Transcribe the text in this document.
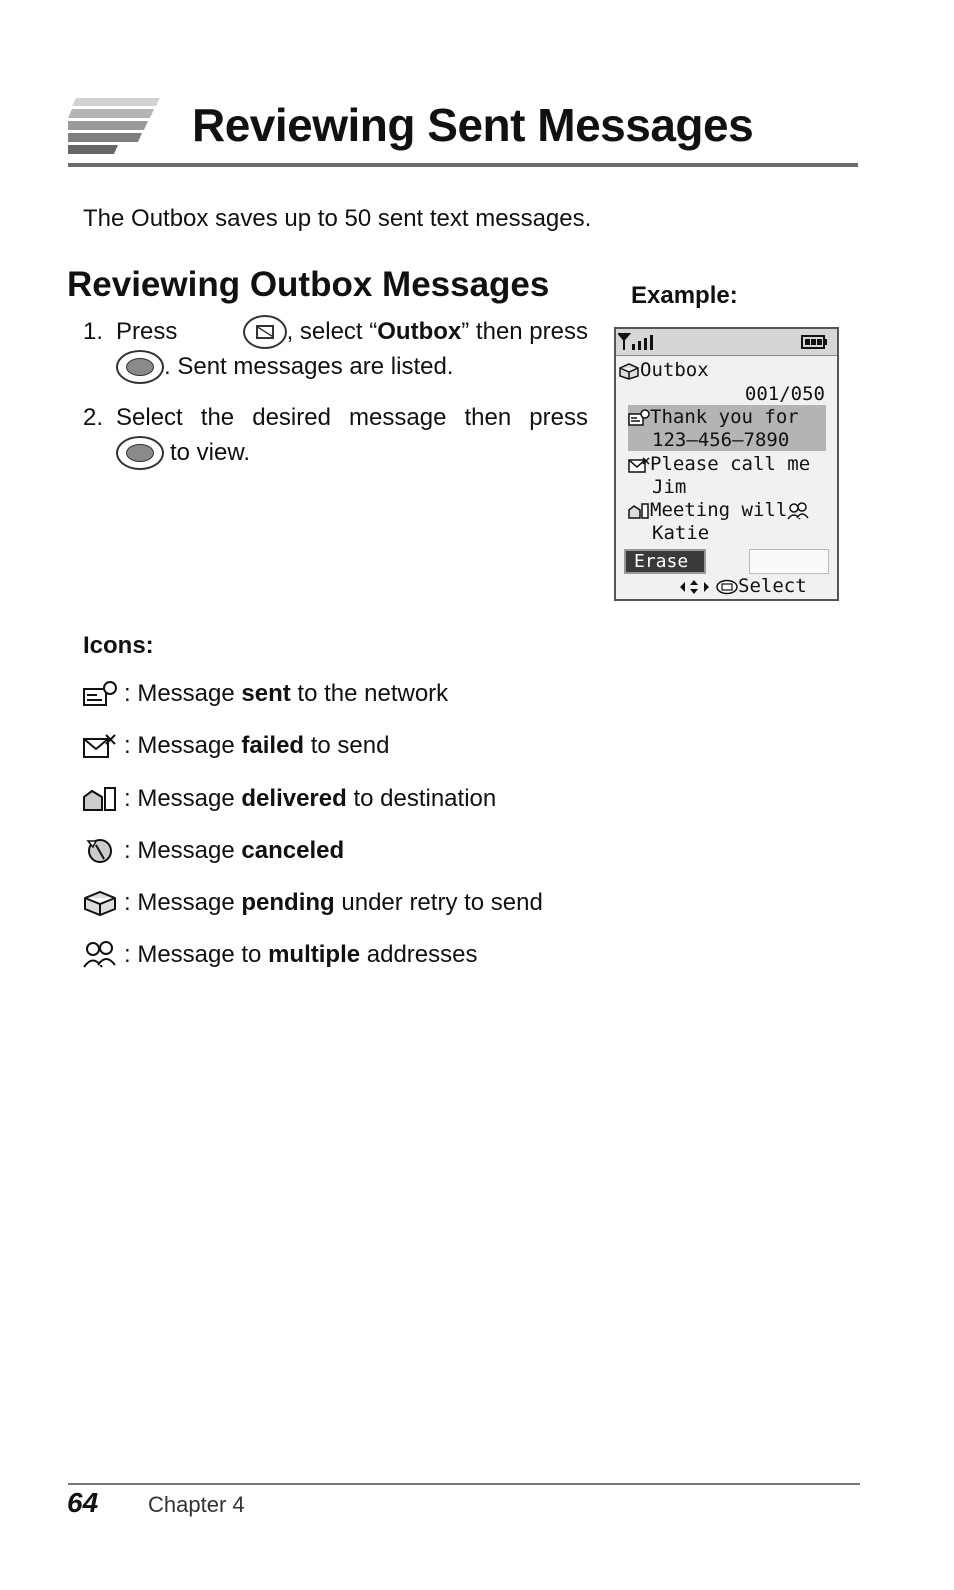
Reviewing Sent Messages
The Outbox saves up to 50 sent text messages.
Reviewing Outbox Messages	Example:
1. Press	, select “ Outbox ” then press
. Sent messages are listed.
2. Select the desired message then press
to view.
Outbox
001/050
Thank you for
123—456—7890
Please call me
Jim
Meeting will
Katie
Erase
Select
Icons:
: Message sent to the network
: Message failed to send
: Message delivered to destination
: Message canceled
: Message pending under retry to send
: Message to multiple addresses
64 Chapter 4
